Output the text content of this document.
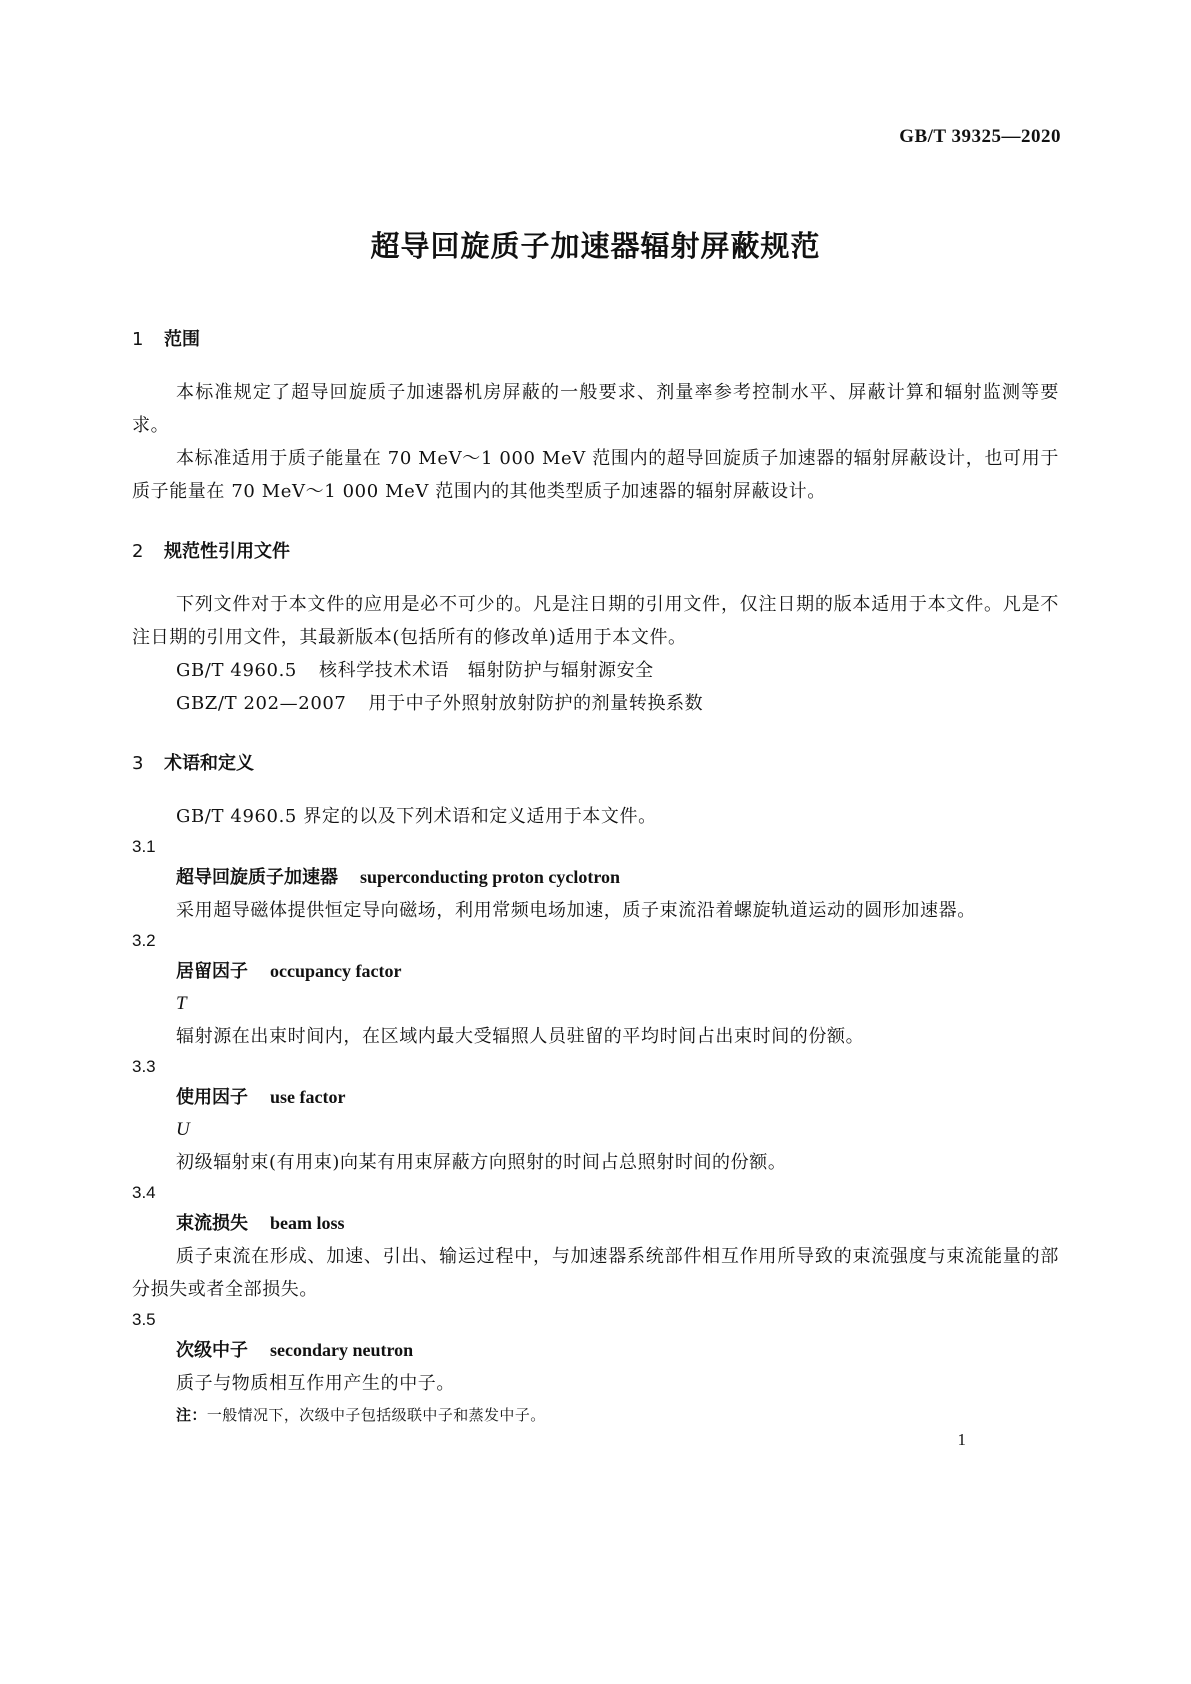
GB/T 39325—2020
超导回旋质子加速器辐射屏蔽规范
1	范围

本标准规定了超导回旋质子加速器机房屏蔽的一般要求、剂量率参考控制水平、屏蔽计算和辐射监测等要求。

本标准适用于质子能量在 70 MeV～1 000 MeV 范围内的超导回旋质子加速器的辐射屏蔽设计，也可用于质子能量在 70 MeV～1 000 MeV 范围内的其他类型质子加速器的辐射屏蔽设计。

2	规范性引用文件

下列文件对于本文件的应用是必不可少的。凡是注日期的引用文件，仅注日期的版本适用于本文件。凡是不注日期的引用文件，其最新版本(包括所有的修改单)适用于本文件。

GB/T 4960.5 核科学技术术语　辐射防护与辐射源安全
GBZ/T 202—2007 用于中子外照射放射防护的剂量转换系数
3	术语和定义
GB/T 4960.5 界定的以及下列术语和定义适用于本文件。
3.1
超导回旋质子加速器 superconducting proton cyclotron

采用超导磁体提供恒定导向磁场，利用常频电场加速，质子束流沿着螺旋轨道运动的圆形加速器。

3.2
居留因子 occupancy factor
T

辐射源在出束时间内，在区域内最大受辐照人员驻留的平均时间占出束时间的份额。

3.3
使用因子 use factor
U

初级辐射束(有用束)向某有用束屏蔽方向照射的时间占总照射时间的份额。

3.4
束流损失 beam loss

质子束流在形成、加速、引出、输运过程中，与加速器系统部件相互作用所导致的束流强度与束流能量的部分损失或者全部损失。

3.5
次级中子 secondary neutron

质子与物质相互作用产生的中子。

注：一般情况下，次级中子包括级联中子和蒸发中子。
1
